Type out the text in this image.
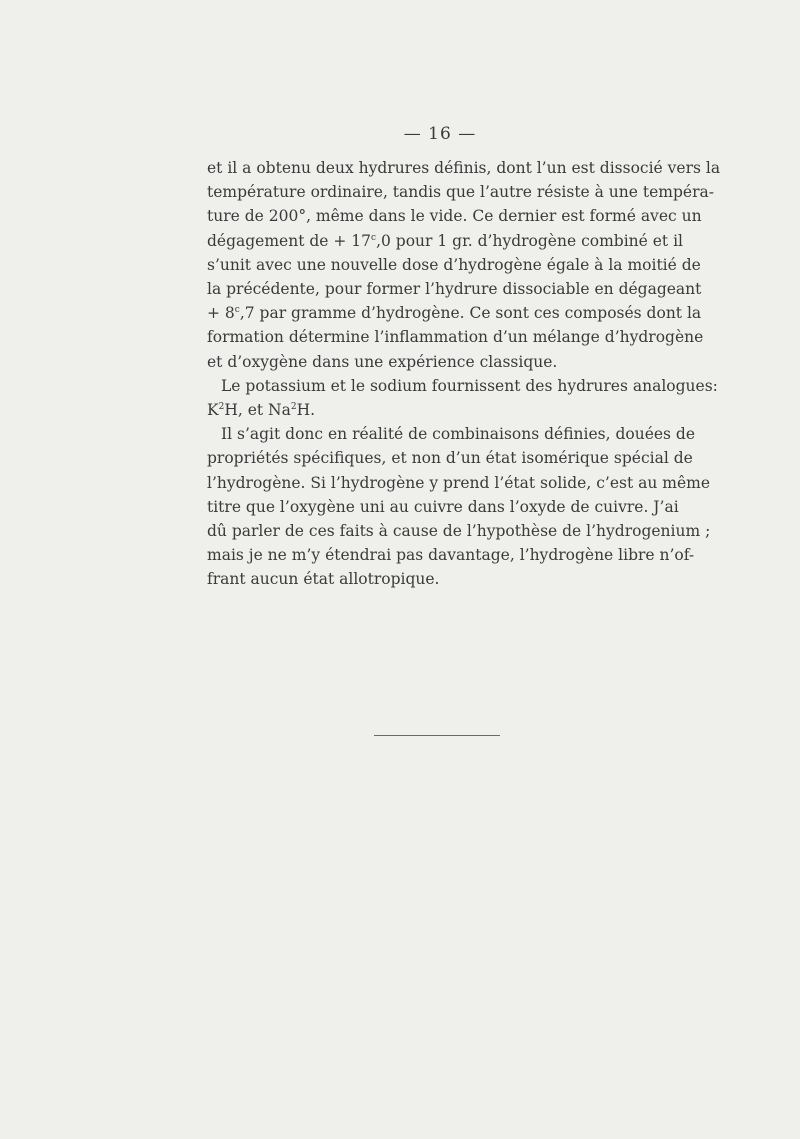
— 16 —
et il a obtenu deux hydrures définis, dont l’un est dissocié vers la
température ordinaire, tandis que l’autre résiste à une tempéra-
ture de 200°, même dans le vide. Ce dernier est formé avec un
dégagement de + $17^c,0$ pour 1 gr. d’hydrogène combiné et il
s’unit avec une nouvelle dose d’hydrogène égale à la moitié de
la précédente, pour former l’hydrure dissociable en dégageant
+ $8^c,7$ par gramme d’hydrogène. Ce sont ces composés dont la
formation détermine l’inflammation d’un mélange d’hydrogène
et d’oxygène dans une expérience classique.
Le potassium et le sodium fournissent des hydrures analogues:
$K^2H$, et Na$^2$H.
Il s’agit donc en réalité de combinaisons définies, douées de
propriétés spécifiques, et non d’un état isomérique spécial de
l’hydrogène. Si l’hydrogène y prend l’état solide, c’est au même
titre que l’oxygène uni au cuivre dans l’oxyde de cuivre. J’ai
dû parler de ces faits à cause de l’hypothèse de l’hydrogenium ;
mais je ne m’y étendrai pas davantage, l’hydrogène libre n’of-
frant aucun état allotropique.
